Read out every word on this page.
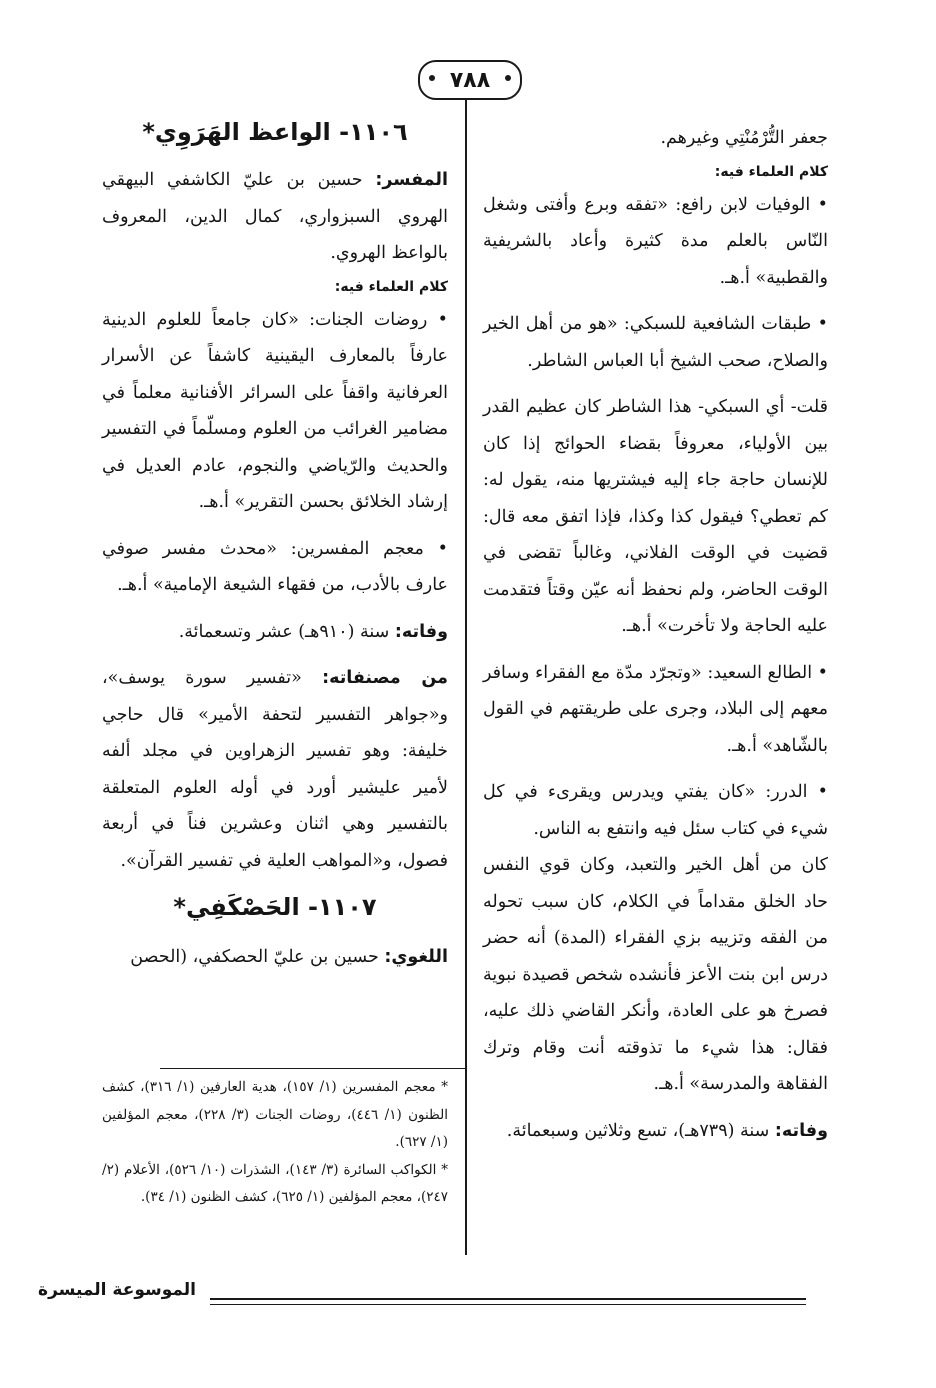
٧٨٨

جعفر التُّرْمُنْتِي وغيرهم.

كلام العلماء فيه:

• الوفيات لابن رافع: «تفقه وبرع وأفتى وشغل النّاس بالعلم مدة كثيرة وأعاد بالشريفية والقطبية» أ.هـ.

• طبقات الشافعية للسبكي: «هو من أهل الخير والصلاح، صحب الشيخ أبا العباس الشاطر.

قلت- أي السبكي- هذا الشاطر كان عظيم القدر بين الأولياء، معروفاً بقضاء الحوائج إذا كان للإنسان حاجة جاء إليه فيشتريها منه، يقول له: كم تعطي؟ فيقول كذا وكذا، فإذا اتفق معه قال: قضيت في الوقت الفلاني، وغالباً تقضى في الوقت الحاضر، ولم نحفظ أنه عيّن وقتاً فتقدمت عليه الحاجة ولا تأخرت» أ.هـ.

• الطالع السعيد: «وتجرّد مدّة مع الفقراء وسافر معهم إلى البلاد، وجرى على طريقتهم في القول بالشّاهد» أ.هـ.

• الدرر: «كان يفتي ويدرس ويقرىء في كل شيء في كتاب سئل فيه وانتفع به الناس.

كان من أهل الخير والتعبد، وكان قوي النفس حاد الخلق مقداماً في الكلام، كان سبب تحوله من الفقه وتزييه بزي الفقراء (المدة) أنه حضر درس ابن بنت الأعز فأنشده شخص قصيدة نبوية فصرخ هو على العادة، وأنكر القاضي ذلك عليه، فقال: هذا شيء ما تذوقته أنت وقام وترك الفقاهة والمدرسة» أ.هـ.

وفاته: سنة (٧٣٩هـ)، تسع وثلاثين وسبعمائة.

١١٠٦- الواعظ الهَرَوِي*

المفسر: حسين بن عليّ الكاشفي البيهقي الهروي السبزواري، كمال الدين، المعروف بالواعظ الهروي.

كلام العلماء فيه:

• روضات الجنات: «كان جامعاً للعلوم الدينية عارفاً بالمعارف اليقينية كاشفاً عن الأسرار العرفانية واقفاً على السرائر الأفنانية معلماً في مضامير الغرائب من العلوم ومسلّماً في التفسير والحديث والرّياضي والنجوم، عادم العديل في إرشاد الخلائق بحسن التقرير» أ.هـ.

• معجم المفسرين: «محدث مفسر صوفي عارف بالأدب، من فقهاء الشيعة الإمامية» أ.هـ.

وفاته: سنة (٩١٠هـ) عشر وتسعمائة.

من مصنفاته: «تفسير سورة يوسف»، و«جواهر التفسير لتحفة الأمير» قال حاجي خليفة: وهو تفسير الزهراوين في مجلد ألفه لأمير عليشير أورد في أوله العلوم المتعلقة بالتفسير وهي اثنان وعشرين فناً في أربعة فصول، و«المواهب العلية في تفسير القرآن».

١١٠٧- الحَصْكَفِي*

اللغوي: حسين بن عليّ الحصكفي، (الحصن

* معجم المفسرين (١/ ١٥٧)، هدية العارفين (١/ ٣١٦)، كشف الظنون (١/ ٤٤٦)، روضات الجنات (٣/ ٢٢٨)، معجم المؤلفين (١/ ٦٢٧).

* الكواكب السائرة (٣/ ١٤٣)، الشذرات (١٠/ ٥٢٦)، الأعلام (٢/ ٢٤٧)، معجم المؤلفين (١/ ٦٢٥)، كشف الظنون (١/ ٣٤).

الموسوعة الميسرة
